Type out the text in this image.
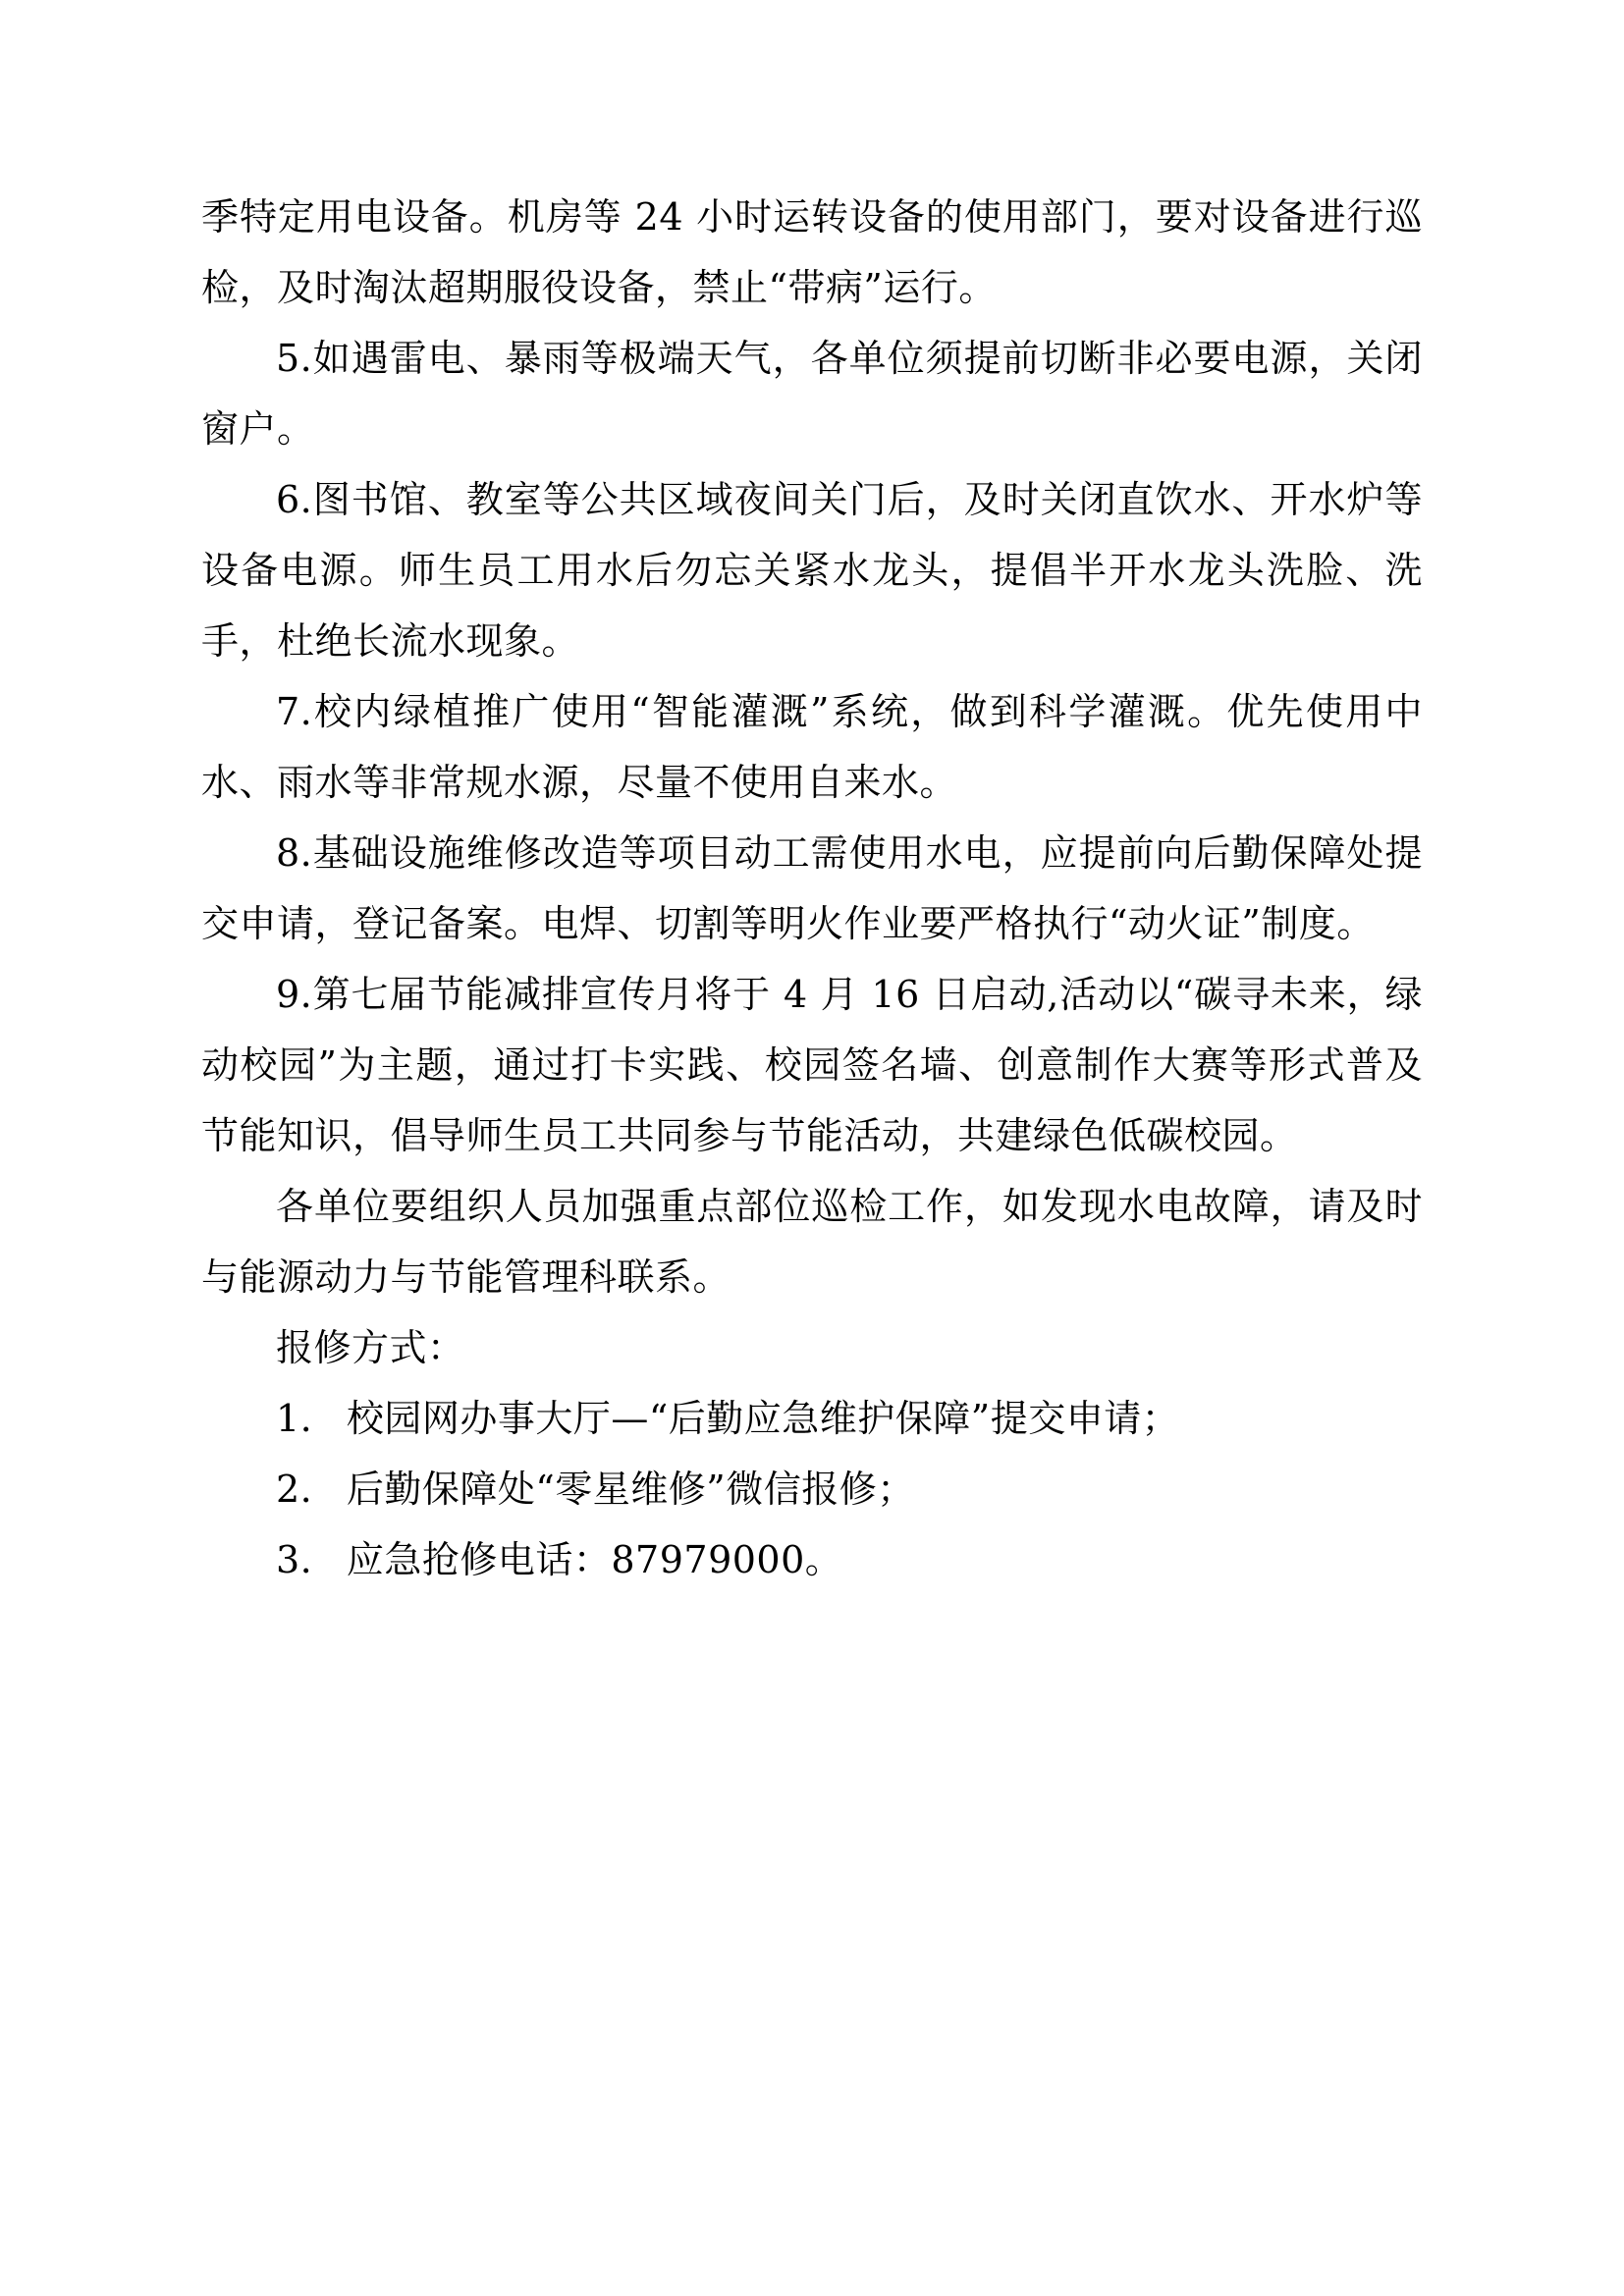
季特定用电设备。机房等 24 小时运转设备的使用部门，要对设备进行巡检，及时淘汰超期服役设备，禁止“带病”运行。

5.如遇雷电、暴雨等极端天气，各单位须提前切断非必要电源，关闭窗户。

6.图书馆、教室等公共区域夜间关门后，及时关闭直饮水、开水炉等设备电源。师生员工用水后勿忘关紧水龙头，提倡半开水龙头洗脸、洗手，杜绝长流水现象。

7.校内绿植推广使用“智能灌溉”系统，做到科学灌溉。优先使用中水、雨水等非常规水源，尽量不使用自来水。

8.基础设施维修改造等项目动工需使用水电，应提前向后勤保障处提交申请，登记备案。电焊、切割等明火作业要严格执行“动火证”制度。

9.第七届节能减排宣传月将于 4 月 16 日启动,活动以“碳寻未来，绿动校园”为主题，通过打卡实践、校园签名墙、创意制作大赛等形式普及节能知识，倡导师生员工共同参与节能活动，共建绿色低碳校园。

各单位要组织人员加强重点部位巡检工作，如发现水电故障，请及时与能源动力与节能管理科联系。

报修方式：

1. 校园网办事大厅—“后勤应急维护保障”提交申请；

2. 后勤保障处“零星维修”微信报修；

3. 应急抢修电话：87979000。
